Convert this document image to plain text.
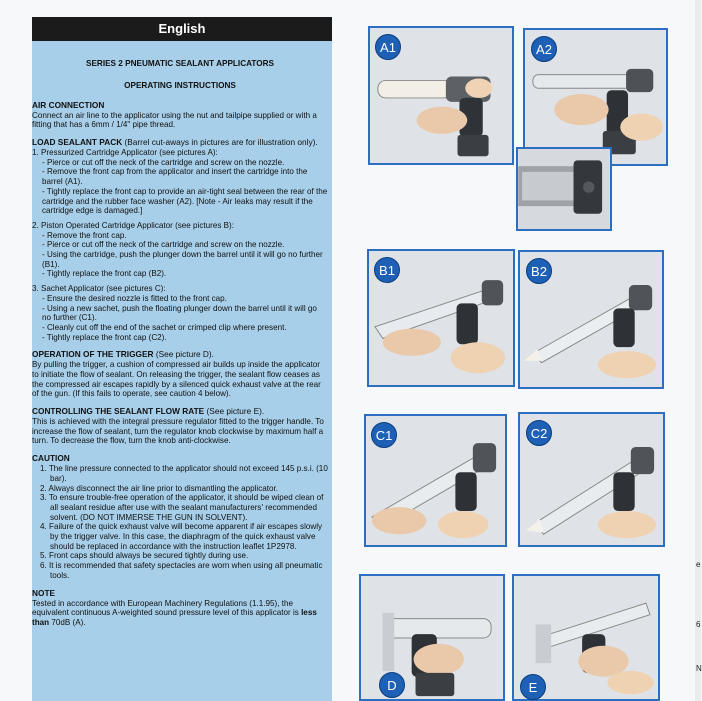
English
SERIES 2 PNEUMATIC SEALANT APPLICATORS
OPERATING INSTRUCTIONS
AIR CONNECTION
Connect an air line to the applicator using the nut and tailpipe supplied or with a fitting that has a 6mm / 1/4" pipe thread.
LOAD SEALANT PACK (Barrel cut-aways in pictures are for illustration only).
1. Pressurized Cartridge Applicator (see pictures A):
- Pierce or cut off the neck of the cartridge and screw on the nozzle.
- Remove the front cap from the applicator and insert the cartridge into the barrel (A1).
- Tightly replace the front cap to provide an air-tight seal between the rear of the cartridge and the rubber face washer (A2). [Note - Air leaks may result if the cartridge edge is damaged.]
2. Piston Operated Cartridge Applicator (see pictures B):
- Remove the front cap.
- Pierce or cut off the neck of the cartridge and screw on the nozzle.
- Using the cartridge, push the plunger down the barrel until it will go no further (B1).
- Tightly replace the front cap (B2).
3. Sachet Applicator (see pictures C):
- Ensure the desired nozzle is fitted to the front cap.
- Using a new sachet, push the floating plunger down the barrel until it will go no further (C1).
- Cleanly cut off the end of the sachet or crimped clip where present.
- Tightly replace the front cap (C2).
OPERATION OF THE TRIGGER (See picture D).
By pulling the trigger, a cushion of compressed air builds up inside the applicator to initiate the flow of sealant. On releasing the trigger, the sealant flow ceases as the compressed air escapes rapidly by a silenced quick exhaust valve at the rear of the gun. (If this fails to operate, see caution 4 below).
CONTROLLING THE SEALANT FLOW RATE (See picture E).
This is achieved with the integral pressure regulator fitted to the trigger handle. To increase the flow of sealant, turn the regulator knob clockwise by maximum half a turn. To decrease the flow, turn the knob anti-clockwise.
CAUTION
1. The line pressure connected to the applicator should not exceed 145 p.s.i. (10 bar).
2. Always disconnect the air line prior to dismantling the applicator.
3. To ensure trouble-free operation of the applicator, it should be wiped clean of all sealant residue after use with the sealant manufacturers' recommended solvent. (DO NOT IMMERSE THE GUN IN SOLVENT).
4. Failure of the quick exhaust valve will become apparent if air escapes slowly by the trigger valve. In this case, the diaphragm of the quick exhaust valve should be replaced in accordance with the instruction leaflet 1P2978.
5. Front caps should always be secured tightly during use.
6. It is recommended that safety spectacles are worn when using all pneumatic tools.
NOTE
Tested in accordance with European Machinery Regulations (1.1.95), the equivalent continuous A-weighted sound pressure level of this applicator is less than 70dB (A).
A1	A2
B1	B2
C1	C2
D	E
e
6
N
